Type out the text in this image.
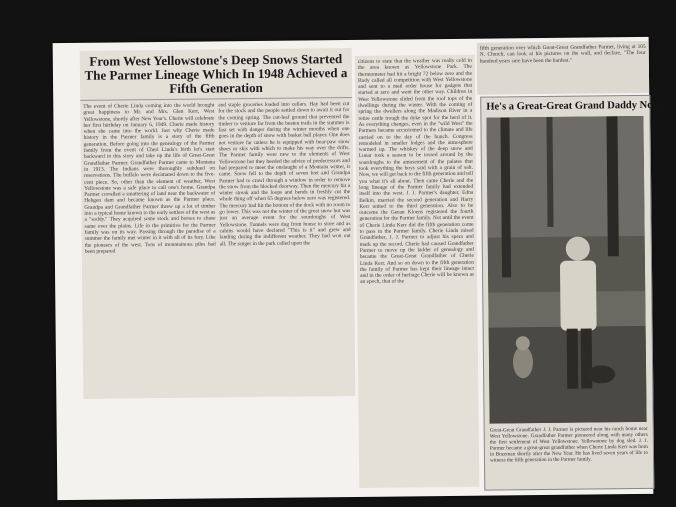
From West Yellowstone's Deep Snows Started The Parmer Lineage Which In 1948 Achieved a Fifth Generation
The event of Cherie Linda coming into the world brought great happiness to Mr. and Mrs. Glen Kerr, West Yellowstone, shortly after New Year's. Cherie will celebrate her first birthday on January 6, 1949. Cherie made history when she came into the world. Just why Cherie made history in the Parmer family is a story of the fifth generation. Before going into the genealogy of the Parmer family from the event of Cheri Linda's birth let's start backward in this story and take up the life of Great-Great Grandfather Parmer. Grandfather Parmer came to Montana in 1913. The Indians were thoroughly subdued on reservations. The buffalo were decimated down to the five-cent piece. So, other than the element of weather, West Yellowstone was a safe place to call one's home. Grandpa Parmer corralled a smattering of land near the backwater of Hebgen dam and became known as the Parmer place. Grandpa and Grandfather Parmer threw up a lot of timber into a typical home known to the early settlers of the west as a "soddy." They acquired some stock and horses to chase same over the plains. Life in the primitive for the Parmer family was on its way. Passing through the paradise of a summer the family met winter in it with all of its fury. Like the pioneers of the west. Tons of mountainous piles had been prepared
and staple groceries loaded into cellars. Hay had been cut for the stock and the people settled down to await it out for the coming spring. The cut-leaf ground that prevented the timber to venture far from the beaten trails in the summer is fast set with danger during the winter months when one goes in the depth of snow with basket ball player. One does not venture far unless he is equipped with bear-paw snow shoes or skis with which to make his way over the drifts. The Parmer family were new to the elements of West Yellowstone but they heeded the advice of predecessors and had prepared to meet the onslaught of a Montana winter, it came. Snow fell to the depth of seven feet and Grandpa Parmer had to crawl through a window in order to remove the snow from the blocked doorway. Then the mercury hit a winter streak and the loops and bends in freshly cut the whole thing off when 65 degrees below zero was registered. The mercury had hit the bottom of the dock with no room to go lower. This was not the winter of the great snow but was just an average event for the sourdoughs of West Yellowstone. Tunnels were dug from house to store and as cabins would have declared "This is it" and grew and landing during the indifferent weather. They had won out all. The ranger in the park called upon the
citizens to state that the weather was really cold in the area known as Yellowstone Park. The thermometer had hit a bright 72 below zero and the Rudy called all competition with West Yellowstone and sent to a mail order house for gadgets that started at zero and went the other way. Children in West Yellowstone slided from the roof tops of the dwellings during the winter. With the coming of spring the dwellers along the Madison River in a retire cattle trough the dyke spot for the herd of it. As everything changes, even in the "wild West" the Parmers became accustomed to the climate and life carried on to the day of the hunch. Congress remodeled in smaller lodges and the atmosphere warmed up. The whiskey of the deep snow and Lunar took a season to be tossed around by the sourdoughs to the amusement of the palates that took everything the boys said with a grain of salt. Now, we will get back to the fifth generation and tell you what it's all about. Then came Cherie and the long lineage of the Parmer family had extended itself into the west. J. J. Parmer's daughter, Edna Belkin, married the second generation and Harry Kerr united to the third generation. Also to be outcome the Geean Kloens registered the fourth generation for the Parmer family. Not until the event of Cherie Linda Kerr did the fifth generation come to pass in the Parmer family. Cherie Linda raised Grandfather, J. J. Parmer to adjust his specs and mark up the record. Cherie had caused Grandfather Parmer to move up the ladder of genealogy and became the Great-Great Grandfather of Cherie Linda Kerr. And so on down to the fifth generation the family of Parmer has kept their lineage intact and in the order of heritage Cherie will be known as an epoch, that of the
fifth generation over which Great-Great Grandfather Parmer, living at 105 N. Church, can look at his pictures on the wall, and declare, "The four hundred years sure have been the hardest."
He's a Great-Great Grand Daddy Now!
Great-Great Grandfather J. J. Parmer is pictured near his ranch home near West Yellowstone. Grandfather Parmer pioneered along with many others the first settlement of West Yellowstone. Yellowstone by dog sled. J. J. Parmer became a great-great grandfather when Cherie Linda Kerr was born in Bozeman shortly after the New Year. He has lived seven years of life to witness the fifth generation in the Parmer family.
